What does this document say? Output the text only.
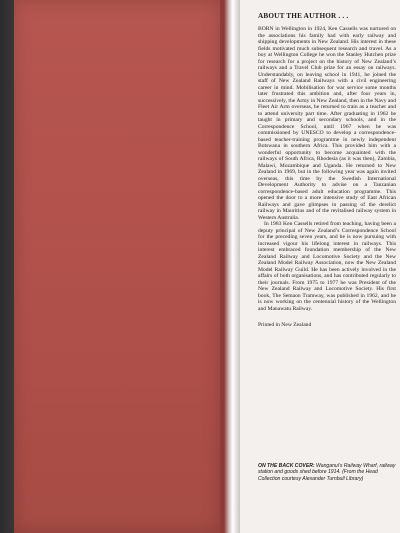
ABOUT THE AUTHOR . . .

BORN in Wellington in 1924, Ken Cassells was nurtured on the associations his family had with early railway and shipping developments in New Zealand. His interest in these fields motivated much subsequent research and travel. As a boy at Wellington College he won the Stanley Hutchen prize for research for a project on the history of New Zealand’s railways and a Travel Club prize for an essay on railways. Understandably, on leaving school in 1941, he joined the staff of New Zealand Railways with a civil engineering career in mind. Mobilisation for war service some months later frustrated this ambition and, after four years in, successively, the Army in New Zealand, then in the Navy and Fleet Air Arm overseas, he returned to train as a teacher and to attend university part time. After graduating in 1962 he taught in primary and secondary schools, and in the Correspondence School, until 1967 when he was commissioned by UNESCO to develop a correspondence-based teacher-training programme in newly independent Botswana in southern Africa. This provided him with a wonderful opportunity to become acquainted with the railways of South Africa, Rhodesia (as it was then), Zambia, Malawi, Mozambique and Uganda. He returned to New Zealand in 1969, but in the following year was again invited overseas, this time by the Swedish International Development Authority to advise on a Tanzanian correspondence-based adult education programme. This opened the door to a more intensive study of East African Railways and gave glimpses in passing of the derelict railway in Mauritius and of the revitalised railway system in Western Australia.

In 1983 Ken Cassells retired from teaching, having been a deputy principal of New Zealand’s Correspondence School for the preceding seven years, and he is now pursuing with increased vigour his lifelong interest in railways. This interest embraced foundation membership of the New Zealand Railway and Locomotive Society and the New Zealand Model Railway Association, now the New Zealand Model Railway Guild. He has been actively involved in the affairs of both organisations, and has contributed regularly to their journals. From 1975 to 1977 he was President of the New Zealand Railway and Locomotive Society. His first book, The Semaon Tramway, was published in 1962, and he is now working on the centennial history of the Wellington and Manawatu Railway.

Printed in New Zealand
ON THE BACK COVER: Wanganui’s Railway Wharf, railway station and goods shed before 1914. (From the Head Collection courtesy Alexander Turnbull Library)
